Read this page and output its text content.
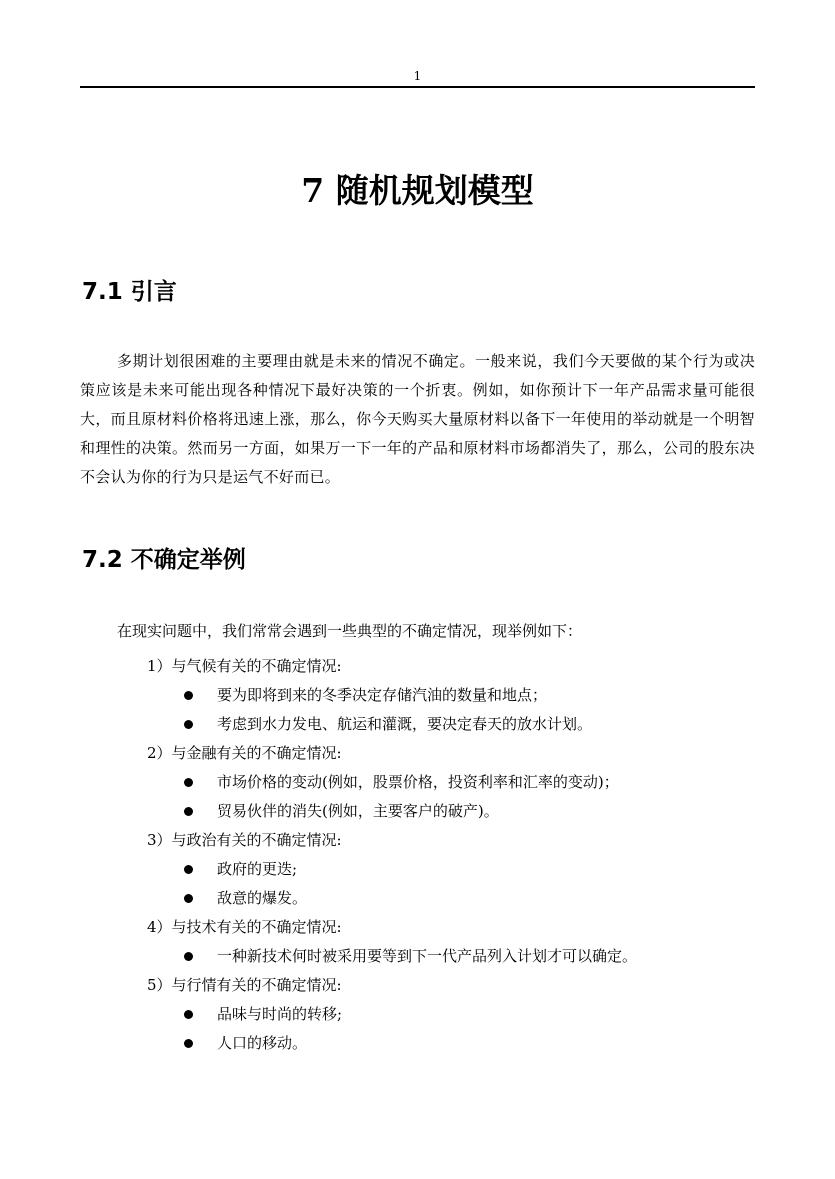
1
7 随机规划模型
7.1 引言

多期计划很困难的主要理由就是未来的情况不确定。一般来说，我们今天要做的某个行为或决策应该是未来可能出现各种情况下最好决策的一个折衷。例如，如你预计下一年产品需求量可能很大，而且原材料价格将迅速上涨，那么，你今天购买大量原材料以备下一年使用的举动就是一个明智和理性的决策。然而另一方面，如果万一下一年的产品和原材料市场都消失了，那么，公司的股东决不会认为你的行为只是运气不好而已。

7.2 不确定举例
在现实问题中，我们常常会遇到一些典型的不确定情况，现举例如下：
1）与气候有关的不确定情况:
要为即将到来的冬季决定存储汽油的数量和地点；
考虑到水力发电、航运和灌溉，要决定春天的放水计划。
2）与金融有关的不确定情况:
市场价格的变动(例如，股票价格，投资利率和汇率的变动)；
贸易伙伴的消失(例如，主要客户的破产)。
3）与政治有关的不确定情况:
政府的更迭;
敌意的爆发。
4）与技术有关的不确定情况:
一种新技术何时被采用要等到下一代产品列入计划才可以确定。
5）与行情有关的不确定情况:
品味与时尚的转移;
人口的移动。
